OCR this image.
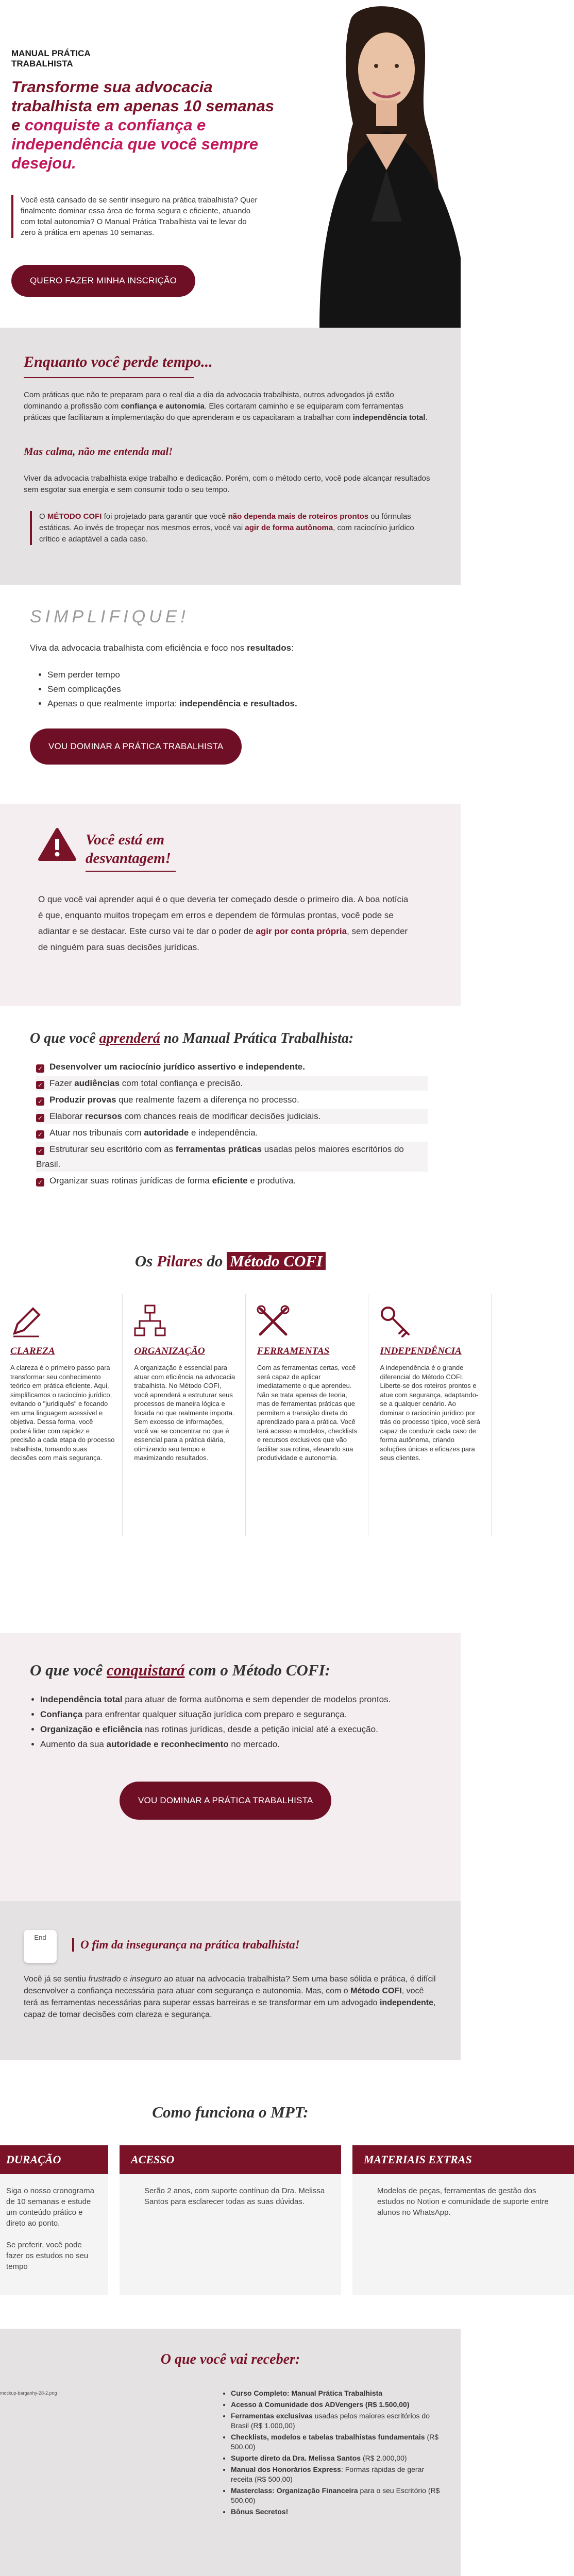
MANUAL PRÁTICA
TRABALHISTA
Transforme sua advocacia trabalhista em apenas 10 semanas e conquiste a confiança e independência que você sempre desejou.

Você está cansado de se sentir inseguro na prática trabalhista? Quer finalmente dominar essa área de forma segura e eficiente, atuando com total autonomia? O Manual Prática Trabalhista vai te levar do zero à prática em apenas 10 semanas.

QUERO FAZER MINHA INSCRIÇÃO
Enquanto você perde tempo...

Com práticas que não te preparam para o real dia a dia da advocacia trabalhista, outros advogados já estão dominando a profissão com confiança e autonomia. Eles cortaram caminho e se equiparam com ferramentas práticas que facilitaram a implementação do que aprenderam e os capacitaram a trabalhar com independência total.

Mas calma, não me entenda mal!

Viver da advocacia trabalhista exige trabalho e dedicação. Porém, com o método certo, você pode alcançar resultados sem esgotar sua energia e sem consumir todo o seu tempo.

O MÉTODO COFI foi projetado para garantir que você não dependa mais de roteiros prontos ou fórmulas estáticas. Ao invés de tropeçar nos mesmos erros, você vai agir de forma autônoma, com raciocínio jurídico crítico e adaptável a cada caso.

SIMPLIFIQUE!

Viva da advocacia trabalhista com eficiência e foco nos resultados:

• Sem perder tempo
• Sem complicações
• Apenas o que realmente importa: independência e resultados.
VOU DOMINAR A PRÁTICA TRABALHISTA
Você está em
desvantagem!

O que você vai aprender aqui é o que deveria ter começado desde o primeiro dia. A boa notícia é que, enquanto muitos tropeçam em erros e dependem de fórmulas prontas, você pode se adiantar e se destacar. Este curso vai te dar o poder de agir por conta própria, sem depender de ninguém para suas decisões jurídicas.

O que você aprenderá no Manual Prática Trabalhista:
✓ Desenvolver um raciocínio jurídico assertivo e independente.
✓ Fazer audiências com total confiança e precisão.
✓ Produzir provas que realmente fazem a diferença no processo.
✓ Elaborar recursos com chances reais de modificar decisões judiciais.
✓ Atuar nos tribunais com autoridade e independência.
✓ Estruturar seu escritório com as ferramentas práticas usadas pelos maiores escritórios do Brasil.
✓ Organizar suas rotinas jurídicas de forma eficiente e produtiva.
Os Pilares do Método COFI
CLAREZA
A clareza é o primeiro passo para transformar seu conhecimento teórico em prática eficiente. Aqui, simplificamos o raciocínio jurídico, evitando o "juridiquês" e focando em uma linguagem acessível e objetiva. Dessa forma, você poderá lidar com rapidez e precisão a cada etapa do processo trabalhista, tomando suas decisões com mais segurança.
ORGANIZAÇÃO
A organização é essencial para atuar com eficiência na advocacia trabalhista. No Método COFI, você aprenderá a estruturar seus processos de maneira lógica e focada no que realmente importa. Sem excesso de informações, você vai se concentrar no que é essencial para a prática diária, otimizando seu tempo e maximizando resultados.
FERRAMENTAS
Com as ferramentas certas, você será capaz de aplicar imediatamente o que aprendeu. Não se trata apenas de teoria, mas de ferramentas práticas que permitem a transição direta do aprendizado para a prática. Você terá acesso a modelos, checklists e recursos exclusivos que vão facilitar sua rotina, elevando sua produtividade e autonomia.
INDEPENDÊNCIA
A independência é o grande diferencial do Método COFI. Liberte-se dos roteiros prontos e atue com segurança, adaptando-se a qualquer cenário. Ao dominar o raciocínio jurídico por trás do processo típico, você será capaz de conduzir cada caso de forma autônoma, criando soluções únicas e eficazes para seus clientes.
O que você conquistará com o Método COFI:
• Independência total para atuar de forma autônoma e sem depender de modelos prontos.
• Confiança para enfrentar qualquer situação jurídica com preparo e segurança.
• Organização e eficiência nas rotinas jurídicas, desde a petição inicial até a execução.
• Aumento da sua autoridade e reconhecimento no mercado.
VOU DOMINAR A PRÁTICA TRABALHISTA
End
O fim da insegurança na prática trabalhista!

Você já se sentiu frustrado e inseguro ao atuar na advocacia trabalhista? Sem uma base sólida e prática, é difícil desenvolver a confiança necessária para atuar com segurança e autonomia. Mas, com o Método COFI, você terá as ferramentas necessárias para superar essas barreiras e se transformar em um advogado independente, capaz de tomar decisões com clareza e segurança.

Como funciona o MPT:
DURAÇÃO
Siga o nosso cronograma de 10 semanas e estude um conteúdo prático e direto ao ponto.

Se preferir, você pode fazer os estudos no seu tempo
ACESSO
Serão 2 anos, com suporte contínuo da Dra. Melissa Santos para esclarecer todas as suas dúvidas.
MATERIAIS EXTRAS
Modelos de peças, ferramentas de gestão dos estudos no Notion e comunidade de suporte entre alunos no WhatsApp.
O que você vai receber:
mockup-barganhy-28-2.png
•	Curso Completo: Manual Prática Trabalhista
• Acesso à Comunidade dos ADVengers (R$ 1.500,00)
• Ferramentas exclusivas usadas pelos maiores escritórios do Brasil (R$ 1.000,00)
• Checklists, modelos e tabelas trabalhistas fundamentais (R$ 500,00)
• Suporte direto da Dra. Melissa Santos (R$ 2.000,00)
• Manual dos Honorários Express: Formas rápidas de gerar receita (R$ 500,00)
• Masterclass: Organização Financeira para o seu Escritório (R$ 500,00)
• Bônus Secretos!
